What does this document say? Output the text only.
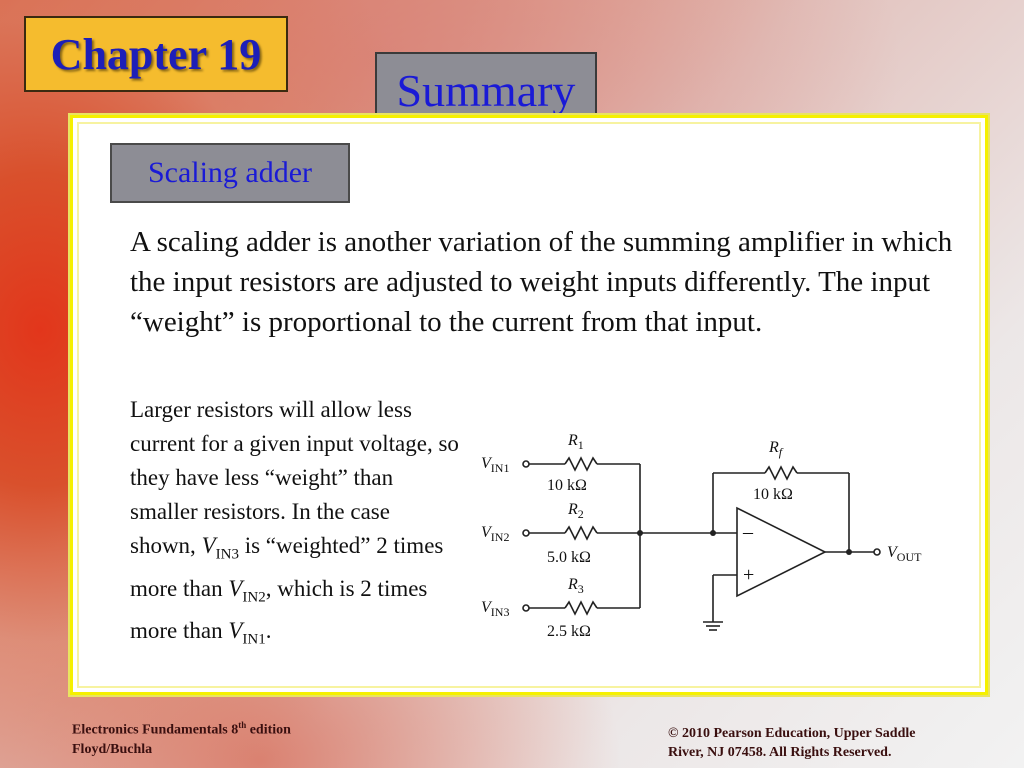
Chapter 19
Summary
Scaling adder
A scaling adder is another variation of the summing amplifier in which the input resistors are adjusted to weight inputs differently. The input “weight” is proportional to the current from that input.
Larger resistors will allow less current for a given input voltage, so they have less “weight” than smaller resistors. In the case shown, $V_{IN3}$ is “weighted” 2 times more than $V_{IN2}$, which is 2 times more than $V_{IN1}$.
$V_{IN1}$
$V_{IN2}$
$V_{IN3}$
$R_1$
10 kΩ
$R_2$
5.0 kΩ
$R_3$
2.5 kΩ
$R_f$
10 kΩ
–
+
$V_{OUT}$
Electronics Fundamentals 8th edition
Floyd/Buchla
© 2010 Pearson Education, Upper Saddle
River, NJ 07458. All Rights Reserved.
